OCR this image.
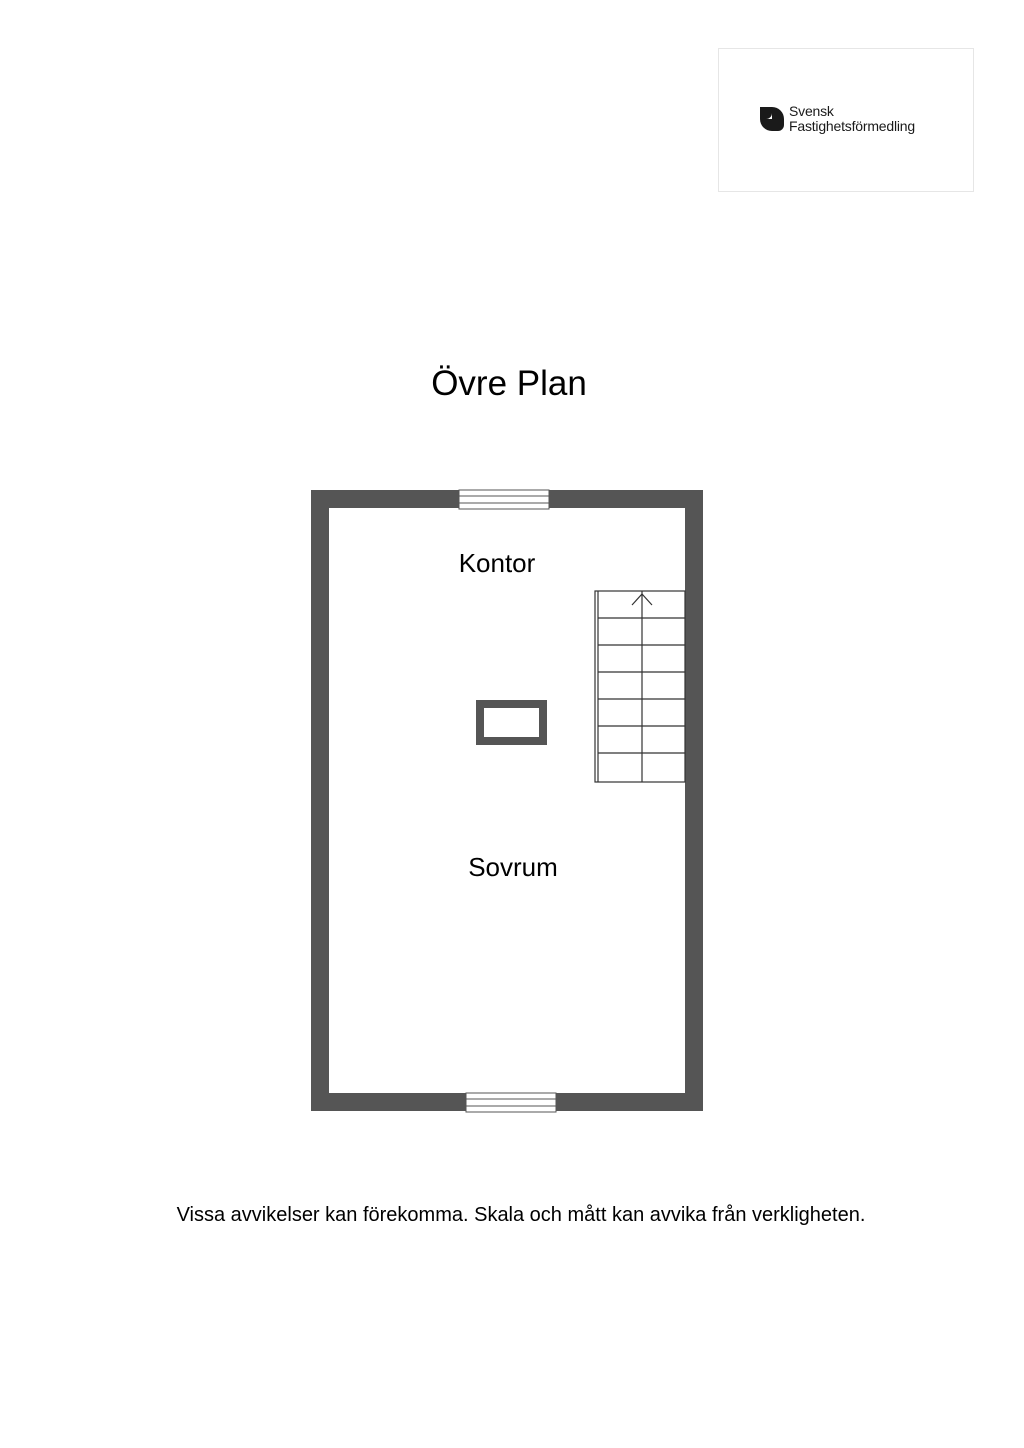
Svensk
Fastighetsförmedling
Övre Plan
Kontor
Sovrum
Vissa avvikelser kan förekomma. Skala och mått kan avvika från verkligheten.
